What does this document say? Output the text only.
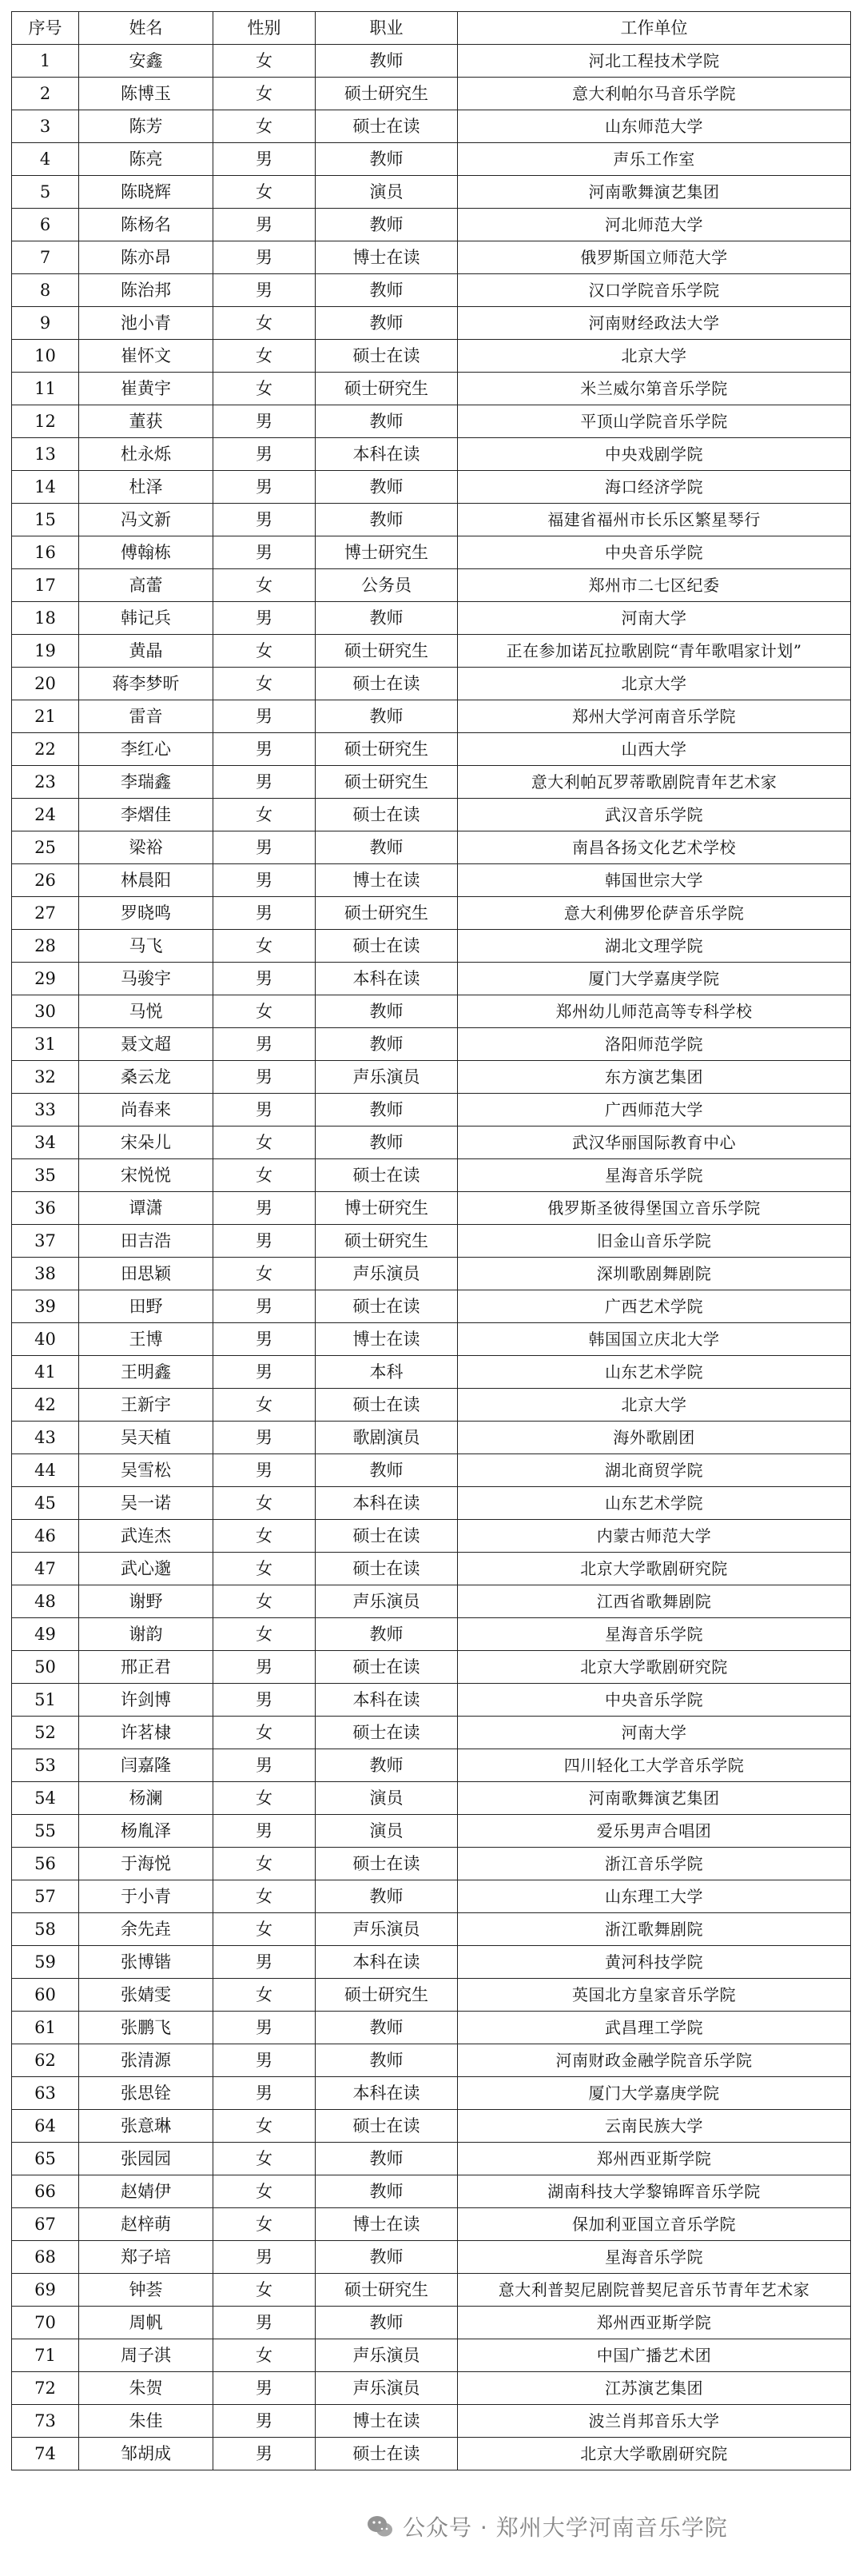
序号	姓名	性别	职业	工作单位
1	安鑫	女	教师	河北工程技术学院
2	陈博玉	女	硕士研究生	意大利帕尔马音乐学院
3	陈芳	女	硕士在读	山东师范大学
4	陈亮	男	教师	声乐工作室
5	陈晓辉	女	演员	河南歌舞演艺集团
6	陈杨名	男	教师	河北师范大学
7	陈亦昂	男	博士在读	俄罗斯国立师范大学
8	陈治邦	男	教师	汉口学院音乐学院
9	池小青	女	教师	河南财经政法大学
10	崔怀文	女	硕士在读	北京大学
11	崔黄宇	女	硕士研究生	米兰威尔第音乐学院
12	董获	男	教师	平顶山学院音乐学院
13	杜永烁	男	本科在读	中央戏剧学院
14	杜泽	男	教师	海口经济学院
15	冯文新	男	教师	福建省福州市长乐区繁星琴行
16	傅翰栋	男	博士研究生	中央音乐学院
17	高蕾	女	公务员	郑州市二七区纪委
18	韩记兵	男	教师	河南大学
19	黄晶	女	硕士研究生	正在参加诺瓦拉歌剧院“青年歌唱家计划”
20	蒋李梦昕	女	硕士在读	北京大学
21	雷音	男	教师	郑州大学河南音乐学院
22	李红心	男	硕士研究生	山西大学
23	李瑞鑫	男	硕士研究生	意大利帕瓦罗蒂歌剧院青年艺术家
24	李熠佳	女	硕士在读	武汉音乐学院
25	梁裕	男	教师	南昌各扬文化艺术学校
26	林晨阳	男	博士在读	韩国世宗大学
27	罗晓鸣	男	硕士研究生	意大利佛罗伦萨音乐学院
28	马飞	女	硕士在读	湖北文理学院
29	马骏宇	男	本科在读	厦门大学嘉庚学院
30	马悦	女	教师	郑州幼儿师范高等专科学校
31	聂文超	男	教师	洛阳师范学院
32	桑云龙	男	声乐演员	东方演艺集团
33	尚春来	男	教师	广西师范大学
34	宋朵儿	女	教师	武汉华丽国际教育中心
35	宋悦悦	女	硕士在读	星海音乐学院
36	谭潇	男	博士研究生	俄罗斯圣彼得堡国立音乐学院
37	田吉浩	男	硕士研究生	旧金山音乐学院
38	田思颖	女	声乐演员	深圳歌剧舞剧院
39	田野	男	硕士在读	广西艺术学院
40	王博	男	博士在读	韩国国立庆北大学
41	王明鑫	男	本科	山东艺术学院
42	王新宇	女	硕士在读	北京大学
43	吴天植	男	歌剧演员	海外歌剧团
44	吴雪松	男	教师	湖北商贸学院
45	吴一诺	女	本科在读	山东艺术学院
46	武连杰	女	硕士在读	内蒙古师范大学
47	武心邈	女	硕士在读	北京大学歌剧研究院
48	谢野	女	声乐演员	江西省歌舞剧院
49	谢韵	女	教师	星海音乐学院
50	邢正君	男	硕士在读	北京大学歌剧研究院
51	许剑博	男	本科在读	中央音乐学院
52	许茗棣	女	硕士在读	河南大学
53	闫嘉隆	男	教师	四川轻化工大学音乐学院
54	杨澜	女	演员	河南歌舞演艺集团
55	杨胤泽	男	演员	爱乐男声合唱团
56	于海悦	女	硕士在读	浙江音乐学院
57	于小青	女	教师	山东理工大学
58	余先垚	女	声乐演员	浙江歌舞剧院
59	张博锴	男	本科在读	黄河科技学院
60	张婧雯	女	硕士研究生	英国北方皇家音乐学院
61	张鹏飞	男	教师	武昌理工学院
62	张清源	男	教师	河南财政金融学院音乐学院
63	张思铨	男	本科在读	厦门大学嘉庚学院
64	张意琳	女	硕士在读	云南民族大学
65	张园园	女	教师	郑州西亚斯学院
66	赵婧伊	女	教师	湖南科技大学黎锦晖音乐学院
67	赵梓萌	女	博士在读	保加利亚国立音乐学院
68	郑子培	男	教师	星海音乐学院
69	钟荟	女	硕士研究生	意大利普契尼剧院普契尼音乐节青年艺术家
70	周帆	男	教师	郑州西亚斯学院
71	周子淇	女	声乐演员	中国广播艺术团
72	朱贺	男	声乐演员	江苏演艺集团
73	朱佳	男	博士在读	波兰肖邦音乐大学
74	邹胡成	男	硕士在读	北京大学歌剧研究院
公众号 · 郑州大学河南音乐学院
